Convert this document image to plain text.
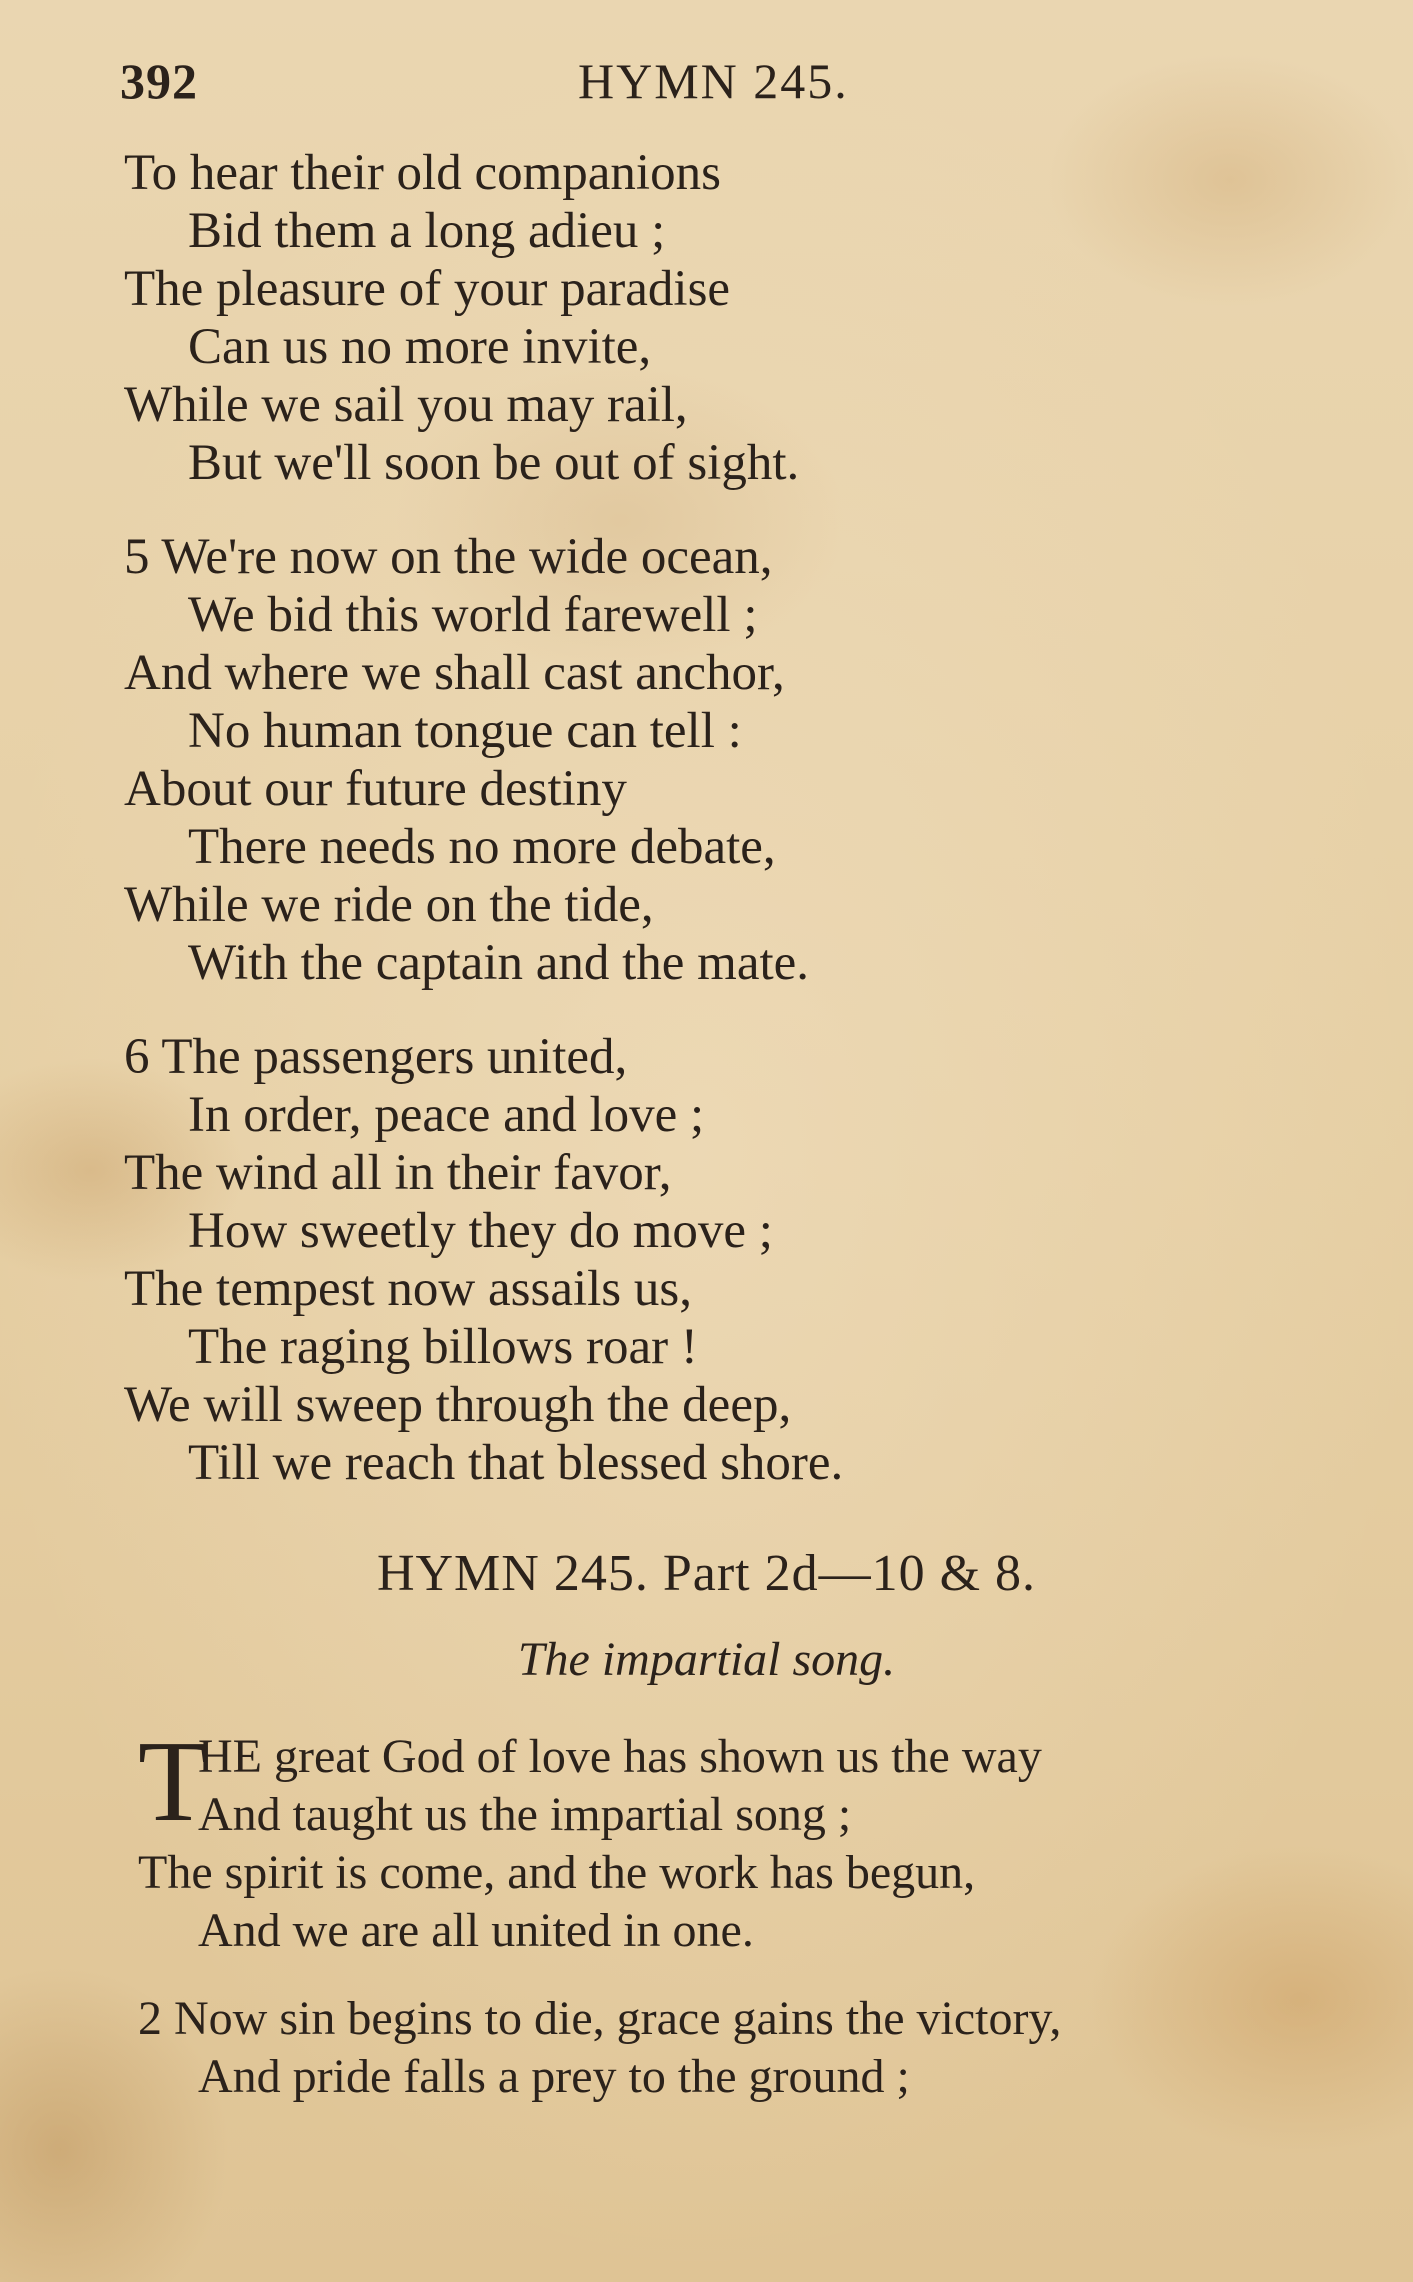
392	HYMN 245.
To hear their old companions
Bid them a long adieu ;
The pleasure of your paradise
Can us no more invite,
While we sail you may rail,
But we'll soon be out of sight.
5 We're now on the wide ocean,
We bid this world farewell ;
And where we shall cast anchor,
No human tongue can tell :
About our future destiny
There needs no more debate,
While we ride on the tide,
With the captain and the mate.
6 The passengers united,
In order, peace and love ;
The wind all in their favor,
How sweetly they do move ;
The tempest now assails us,
The raging billows roar !
We will sweep through the deep,
Till we reach that blessed shore.
HYMN 245. Part 2d—10 & 8.
The impartial song.
T
HE great God of love has shown us the way
And taught us the impartial song ;
The spirit is come, and the work has begun,
And we are all united in one.
2 Now sin begins to die, grace gains the victory,
And pride falls a prey to the ground ;
